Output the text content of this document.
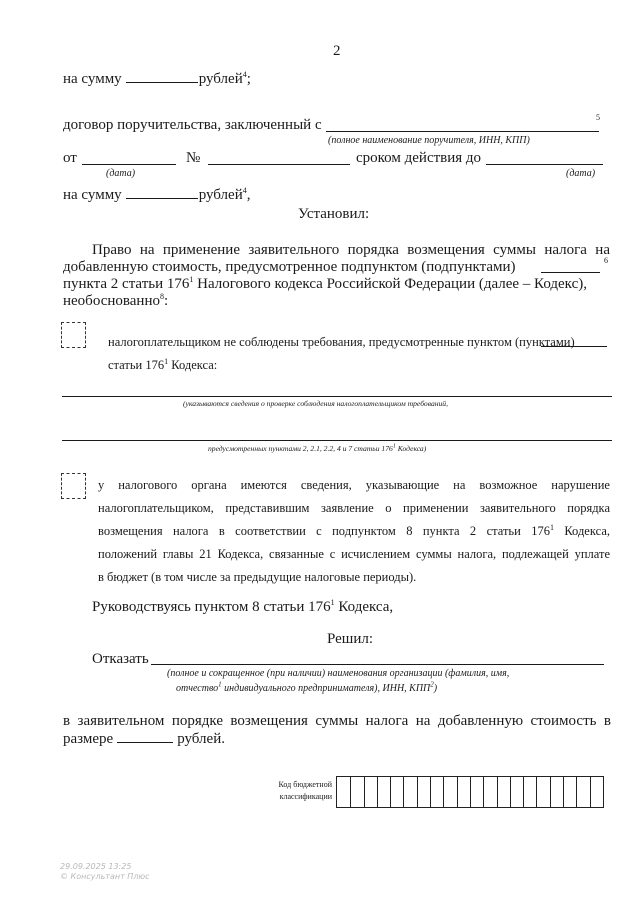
2
на сумму	рублей$^4$;
договор поручительства, заключенный с	5
(полное наименование поручителя, ИНН, КПП)
от	№	сроком действия до
(дата)	(дата)
на сумму	рублей$^4$,
Установил:
Право на применение заявительного порядка возмещения суммы налога на
добавленную стоимость, предусмотренное подпунктом (подпунктами)	6
пункта 2 статьи $176^1$ Налогового кодекса Российской Федерации (далее – Кодекс),
необоснованно$^8$:
налогоплательщиком не соблюдены требования, предусмотренные пунктом (пунктами)
статьи $176^1$ Кодекса:
(указываются сведения о проверке соблюдения налогоплательщиком требований,
предусмотренных пунктами 2, 2.1, 2.2, 4 и 7 статьи $176^1$ Кодекса)
у налогового органа имеются сведения, указывающие на возможное нарушение
налогоплательщиком, представившим заявление о применении заявительного порядка
возмещения налога в соответствии с подпунктом 8 пункта 2 статьи $176^1$ Кодекса,
положений главы 21 Кодекса, связанные с исчислением суммы налога, подлежащей уплате
в бюджет (в том числе за предыдущие налоговые периоды).
Руководствуясь пунктом 8 статьи $176^1$ Кодекса,
Решил:
Отказать
(полное и сокращенное (при наличии) наименования организации (фамилия, имя,
отчество$^1$ индивидуального предпринимателя), ИНН, КПП$^2$)
в заявительном порядке возмещения суммы налога на добавленную стоимость в
размере	рублей.
Код бюджетной
классификации
29.09.2025 13:25
© Консультант Плюс
